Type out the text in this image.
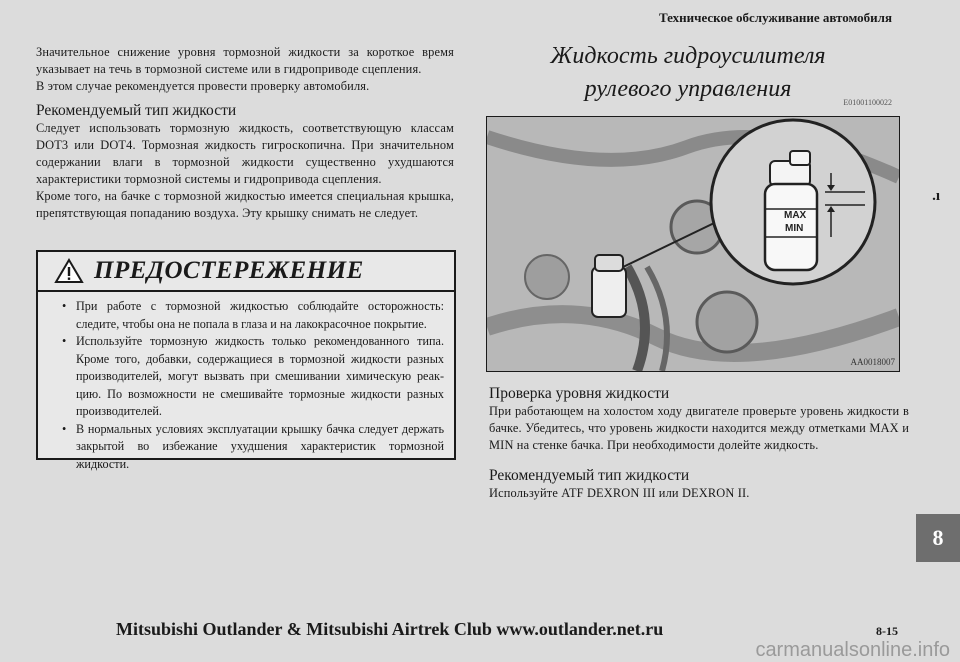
Техническое обслуживание автомобиля
Значительное снижение уровня тормозной жидкости за короткое время указывает на течь в тормозной системе или в гидроприводе сцепления.
В этом случае рекомендуется провести проверку автомобиля.
Рекомендуемый тип жидкости
Следует использовать тормозную жидкость, соответствующую классам DOT3 или DOT4. Тормозная жидкость гигроскопична. При значительном содержании влаги в тормозной жидкости существенно ухудшаются характеристики тормозной системы и гидропривода сцепления.
Кроме того, на бачке с тормозной жидкостью имеется специальная крышка, препятствующая попаданию воздуха. Эту крышку снимать не следует.
ПРЕДОСТЕРЕЖЕНИЕ
• При работе с тормозной жидкостью соблюдайте осторожность: следите, чтобы она не попала в глаза и на лакокрасочное покрытие.
• Используйте тормозную жидкость только рекомендованного типа. Кроме того, добавки, содержащиеся в тормозной жидкости разных производителей, могут вызвать при смешивании химическую реакцию. По возможности не смешивайте тормозные жидкости разных производителей.
• В нормальных условиях эксплуатации крышку бачка следует держать закрытой во избежание ухудшения характеристик тормозной жидкости.
Жидкость гидроусилителя
рулевого управления
E01001100022
MAX
MIN
AA0018007
Проверка уровня жидкости
При работающем на холостом ходу двигателе проверьте уровень жидкости в бачке. Убедитесь, что уровень жидкости находится между отметками MAX и MIN на стенке бачка. При необходимости долейте жидкость.
Рекомендуемый тип жидкости
Используйте ATF DEXRON III или DEXRON II.
.ı
8
Mitsubishi Outlander & Mitsubishi Airtrek Club www.outlander.net.ru	8-15
carmanualsonline.info
